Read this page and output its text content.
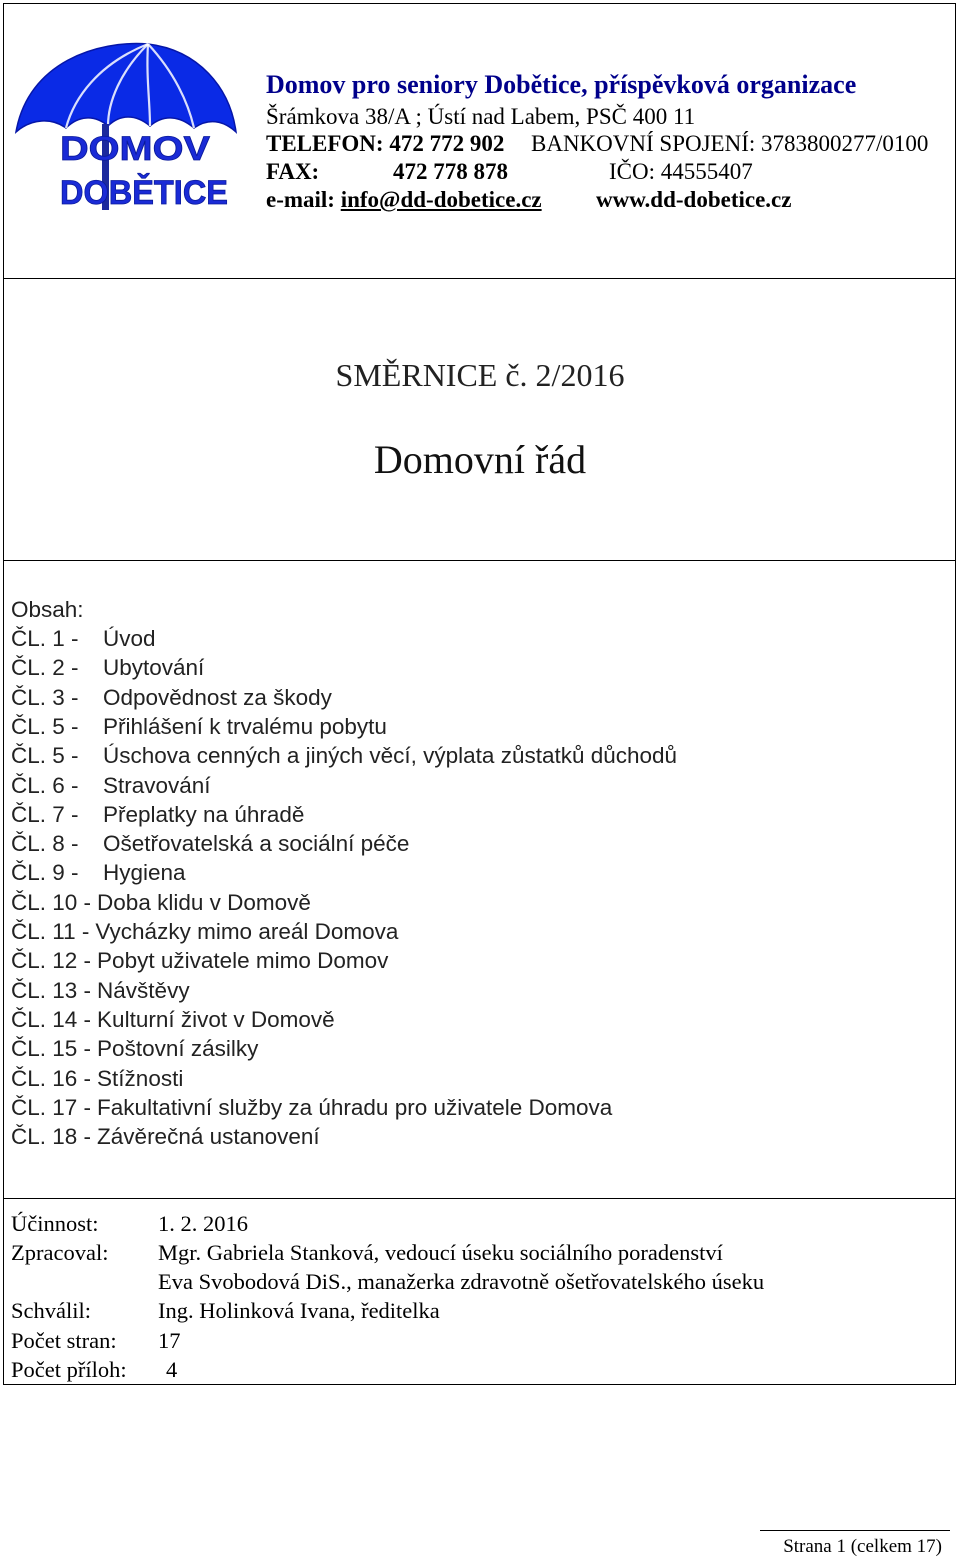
DOMOV
DOBĚTICE
Domov pro seniory Dobětice, příspěvková organizace
Šrámkova 38/A ; Ústí nad Labem, PSČ 400 11
TELEFON: 472 772 902 BANKOVNÍ SPOJENÍ: 3783800277/0100
FAX:	472 778 878	IČO: 44555407
e-mail: info@dd-dobetice.cz www.dd-dobetice.cz
SMĚRNICE č. 2/2016
Domovní řád
Obsah:
ČL. 1 - Úvod
ČL. 2 - Ubytování
ČL. 3 - Odpovědnost za škody
ČL. 5 - Přihlášení k trvalému pobytu
ČL. 5 - Úschova cenných a jiných věcí, výplata zůstatků důchodů
ČL. 6 - Stravování
ČL. 7 - Přeplatky na úhradě
ČL. 8 - Ošetřovatelská a sociální péče
ČL. 9 - Hygiena
ČL. 10 - Doba klidu v Domově
ČL. 11 - Vycházky mimo areál Domova
ČL. 12 - Pobyt uživatele mimo Domov
ČL. 13 - Návštěvy
ČL. 14 - Kulturní život v Domově
ČL. 15 - Poštovní zásilky
ČL. 16 - Stížnosti
ČL. 17 - Fakultativní služby za úhradu pro uživatele Domova
ČL. 18 - Závěrečná ustanovení
Účinnost:	1. 2. 2016
Zpracoval: Mgr. Gabriela Stanková, vedoucí úseku sociálního poradenství
Eva Svobodová DiS., manažerka zdravotně ošetřovatelského úseku
Schválil:	Ing. Holinková Ivana, ředitelka
Počet stran: 17
Počet příloh: 4
Strana 1 (celkem 17)
